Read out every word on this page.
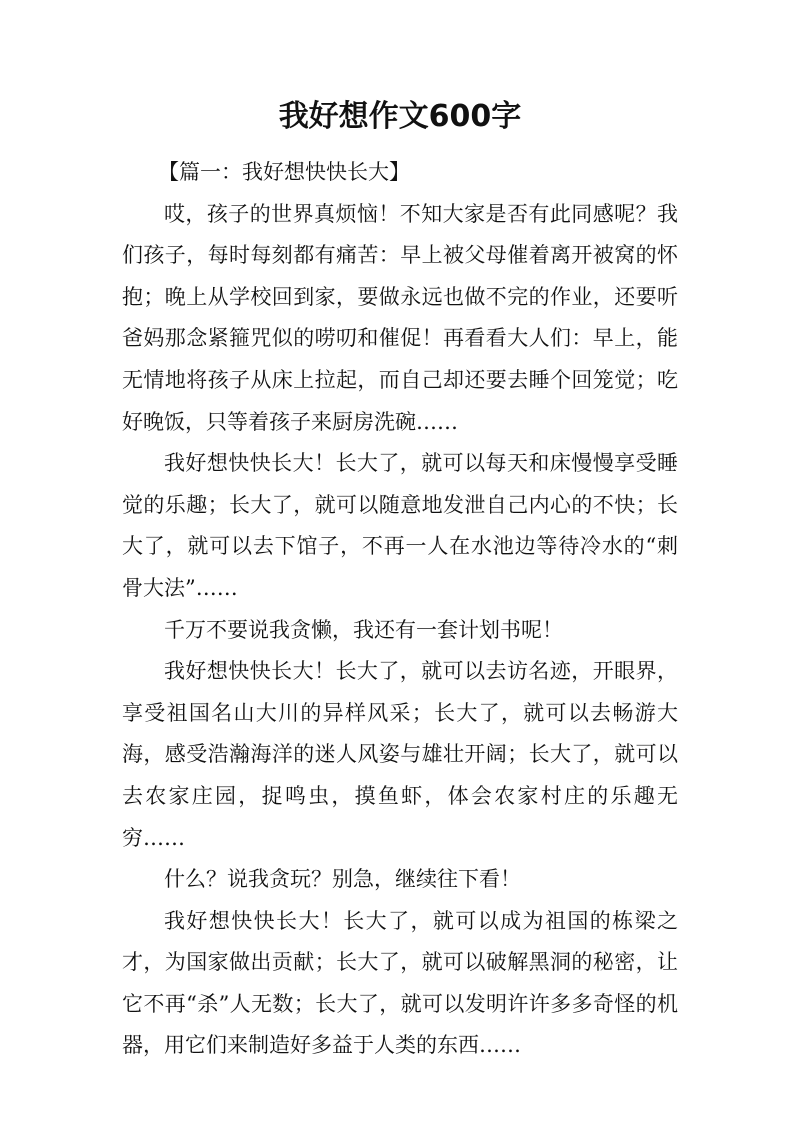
我好想作文600字

【篇一：我好想快快长大】

哎，孩子的世界真烦恼！不知大家是否有此同感呢？我们孩子，每时每刻都有痛苦：早上被父母催着离开被窝的怀抱；晚上从学校回到家，要做永远也做不完的作业，还要听爸妈那念紧箍咒似的唠叨和催促！再看看大人们：早上，能无情地将孩子从床上拉起，而自己却还要去睡个回笼觉；吃好晚饭，只等着孩子来厨房洗碗……

我好想快快长大！长大了，就可以每天和床慢慢享受睡觉的乐趣；长大了，就可以随意地发泄自己内心的不快；长大了，就可以去下馆子，不再一人在水池边等待冷水的“刺骨大法”……

千万不要说我贪懒，我还有一套计划书呢！

我好想快快长大！长大了，就可以去访名迹，开眼界，享受祖国名山大川的异样风采；长大了，就可以去畅游大海，感受浩瀚海洋的迷人风姿与雄壮开阔；长大了，就可以去农家庄园，捉鸣虫，摸鱼虾，体会农家村庄的乐趣无穷……

什么？说我贪玩？别急，继续往下看！

我好想快快长大！长大了，就可以成为祖国的栋梁之才，为国家做出贡献；长大了，就可以破解黑洞的秘密，让它不再“杀”人无数；长大了，就可以发明许许多多奇怪的机器，用它们来制造好多益于人类的东西……
